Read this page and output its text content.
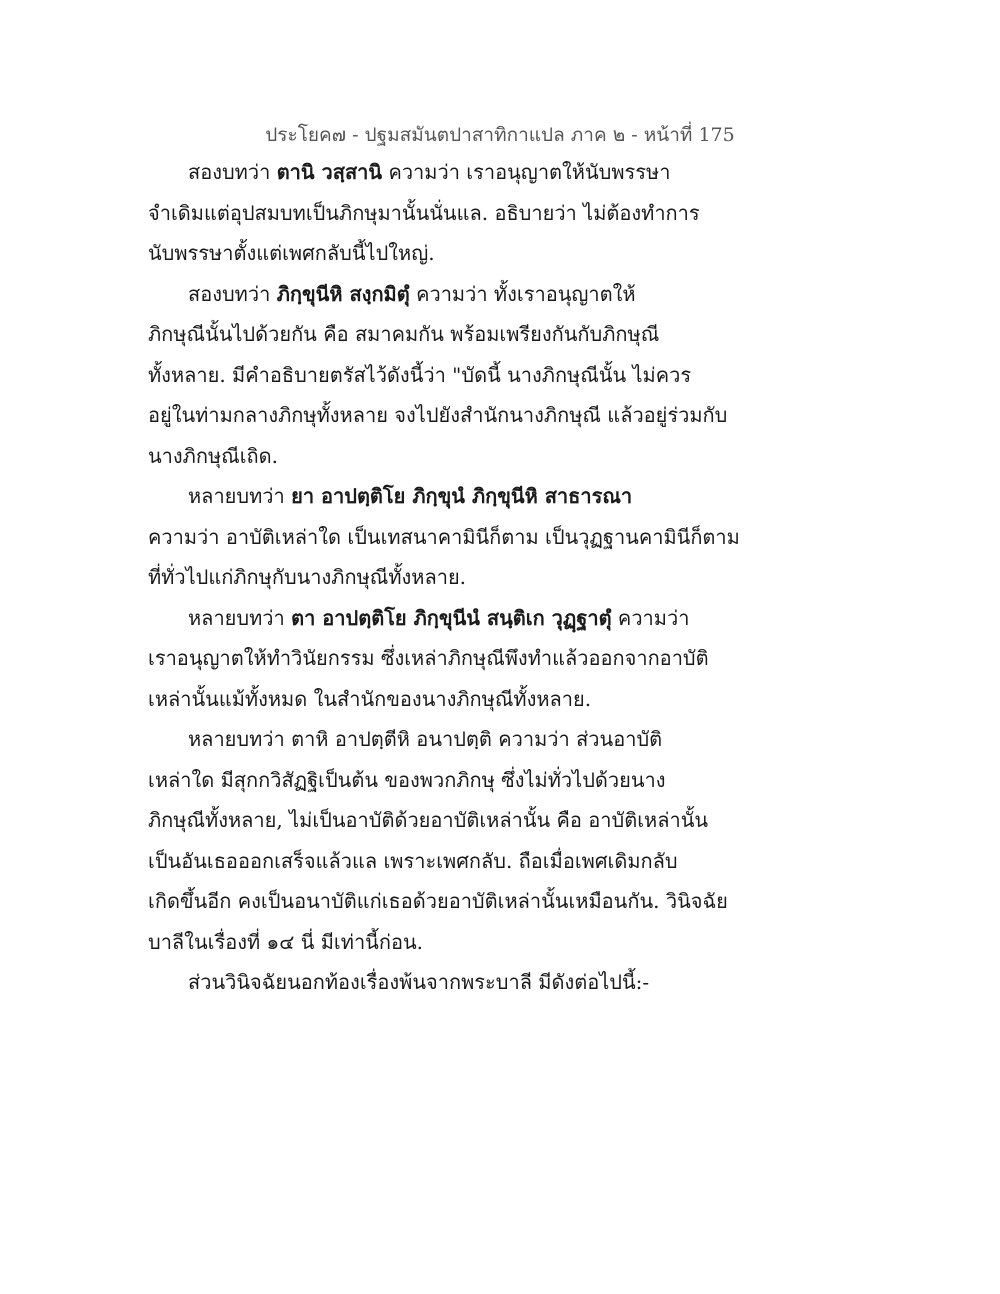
ประโยค๗ - ปฐมสมันตปาสาทิกาแปล ภาค ๒ - หน้าที่ 175

สองบทว่า ตานิ วสฺสานิ ความว่า เราอนุญาตให้นับพรรษา
จำเดิมแต่อุปสมบทเป็นภิกษุมานั้นนั่นแล. อธิบายว่า ไม่ต้องทำการ
นับพรรษาตั้งแต่เพศกลับนี้ไปใหญ่.

สองบทว่า ภิกฺขุนีหิ สงฺกมิตุํ ความว่า ทั้งเราอนุญาตให้
ภิกษุณีนั้นไปด้วยกัน คือ สมาคมกัน พร้อมเพรียงกันกับภิกษุณี
ทั้งหลาย. มีคำอธิบายตรัสไว้ดังนี้ว่า "บัดนี้ นางภิกษุณีนั้น ไม่ควร
อยู่ในท่ามกลางภิกษุทั้งหลาย จงไปยังสำนักนางภิกษุณี แล้วอยู่ร่วมกับ
นางภิกษุณีเถิด.

หลายบทว่า ยา อาปตฺติโย ภิกฺขุนํ ภิกฺขุนีหิ สาธารณา
ความว่า อาบัติเหล่าใด เป็นเทสนาคามินีก็ตาม เป็นวุฏฐานคามินีก็ตาม
ที่ทั่วไปแก่ภิกษุกับนางภิกษุณีทั้งหลาย.

หลายบทว่า ตา อาปตฺติโย ภิกฺขุนีนํ สนฺติเก วุฏฺฐาตุํ ความว่า
เราอนุญาตให้ทำวินัยกรรม ซึ่งเหล่าภิกษุณีพึงทำแล้วออกจากอาบัติ
เหล่านั้นแม้ทั้งหมด ในสำนักของนางภิกษุณีทั้งหลาย.

หลายบทว่า ตาหิ อาปตฺตีหิ อนาปตฺติ ความว่า ส่วนอาบัติ
เหล่าใด มีสุกกวิสัฏฐิเป็นต้น ของพวกภิกษุ ซึ่งไม่ทั่วไปด้วยนาง
ภิกษุณีทั้งหลาย, ไม่เป็นอาบัติด้วยอาบัติเหล่านั้น คือ อาบัติเหล่านั้น
เป็นอันเธอออกเสร็จแล้วแล เพราะเพศกลับ. ถือเมื่อเพศเดิมกลับ
เกิดขึ้นอีก คงเป็นอนาบัติแก่เธอด้วยอาบัติเหล่านั้นเหมือนกัน. วินิจฉัย
บาลีในเรื่องที่ ๑๔ นี่ มีเท่านี้ก่อน.

ส่วนวินิจฉัยนอกท้องเรื่องพ้นจากพระบาลี มีดังต่อไปนี้:-
